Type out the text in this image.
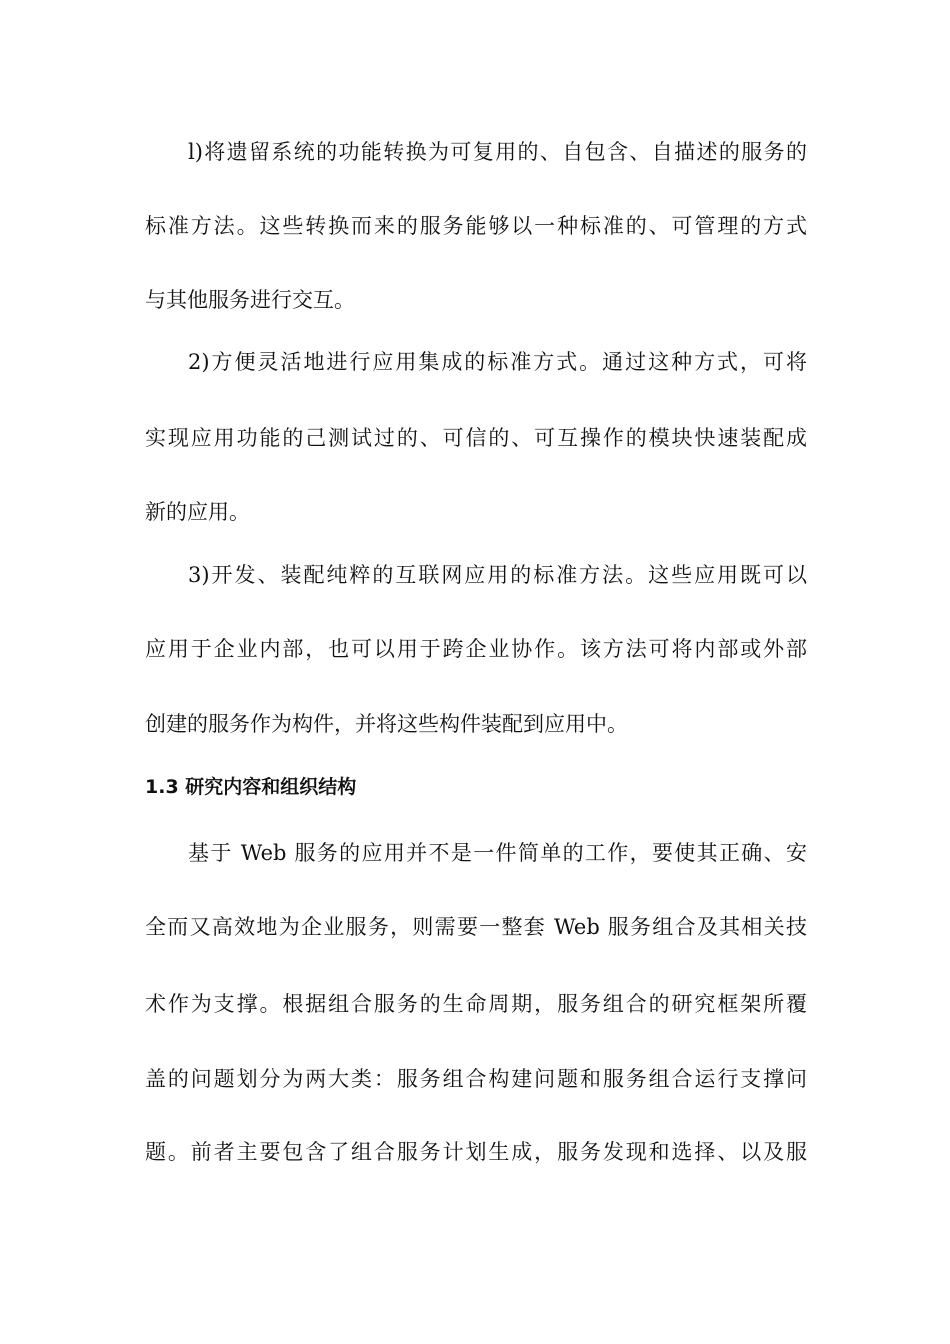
l)将遗留系统的功能转换为可复用的、自包含、自描述的服务的
标准方法。这些转换而来的服务能够以一种标准的、可管理的方式
与其他服务进行交互。
2)方便灵活地进行应用集成的标准方式。通过这种方式，可将
实现应用功能的己测试过的、可信的、可互操作的模块快速装配成
新的应用。
3)开发、装配纯粹的互联网应用的标准方法。这些应用既可以
应用于企业内部，也可以用于跨企业协作。该方法可将内部或外部
创建的服务作为构件，并将这些构件装配到应用中。
1.3 研究内容和组织结构
基于 Web 服务的应用并不是一件简单的工作，要使其正确、安
全而又高效地为企业服务，则需要一整套 Web 服务组合及其相关技
术作为支撑。根据组合服务的生命周期，服务组合的研究框架所覆
盖的问题划分为两大类：服务组合构建问题和服务组合运行支撑问
题。前者主要包含了组合服务计划生成，服务发现和选择、以及服
